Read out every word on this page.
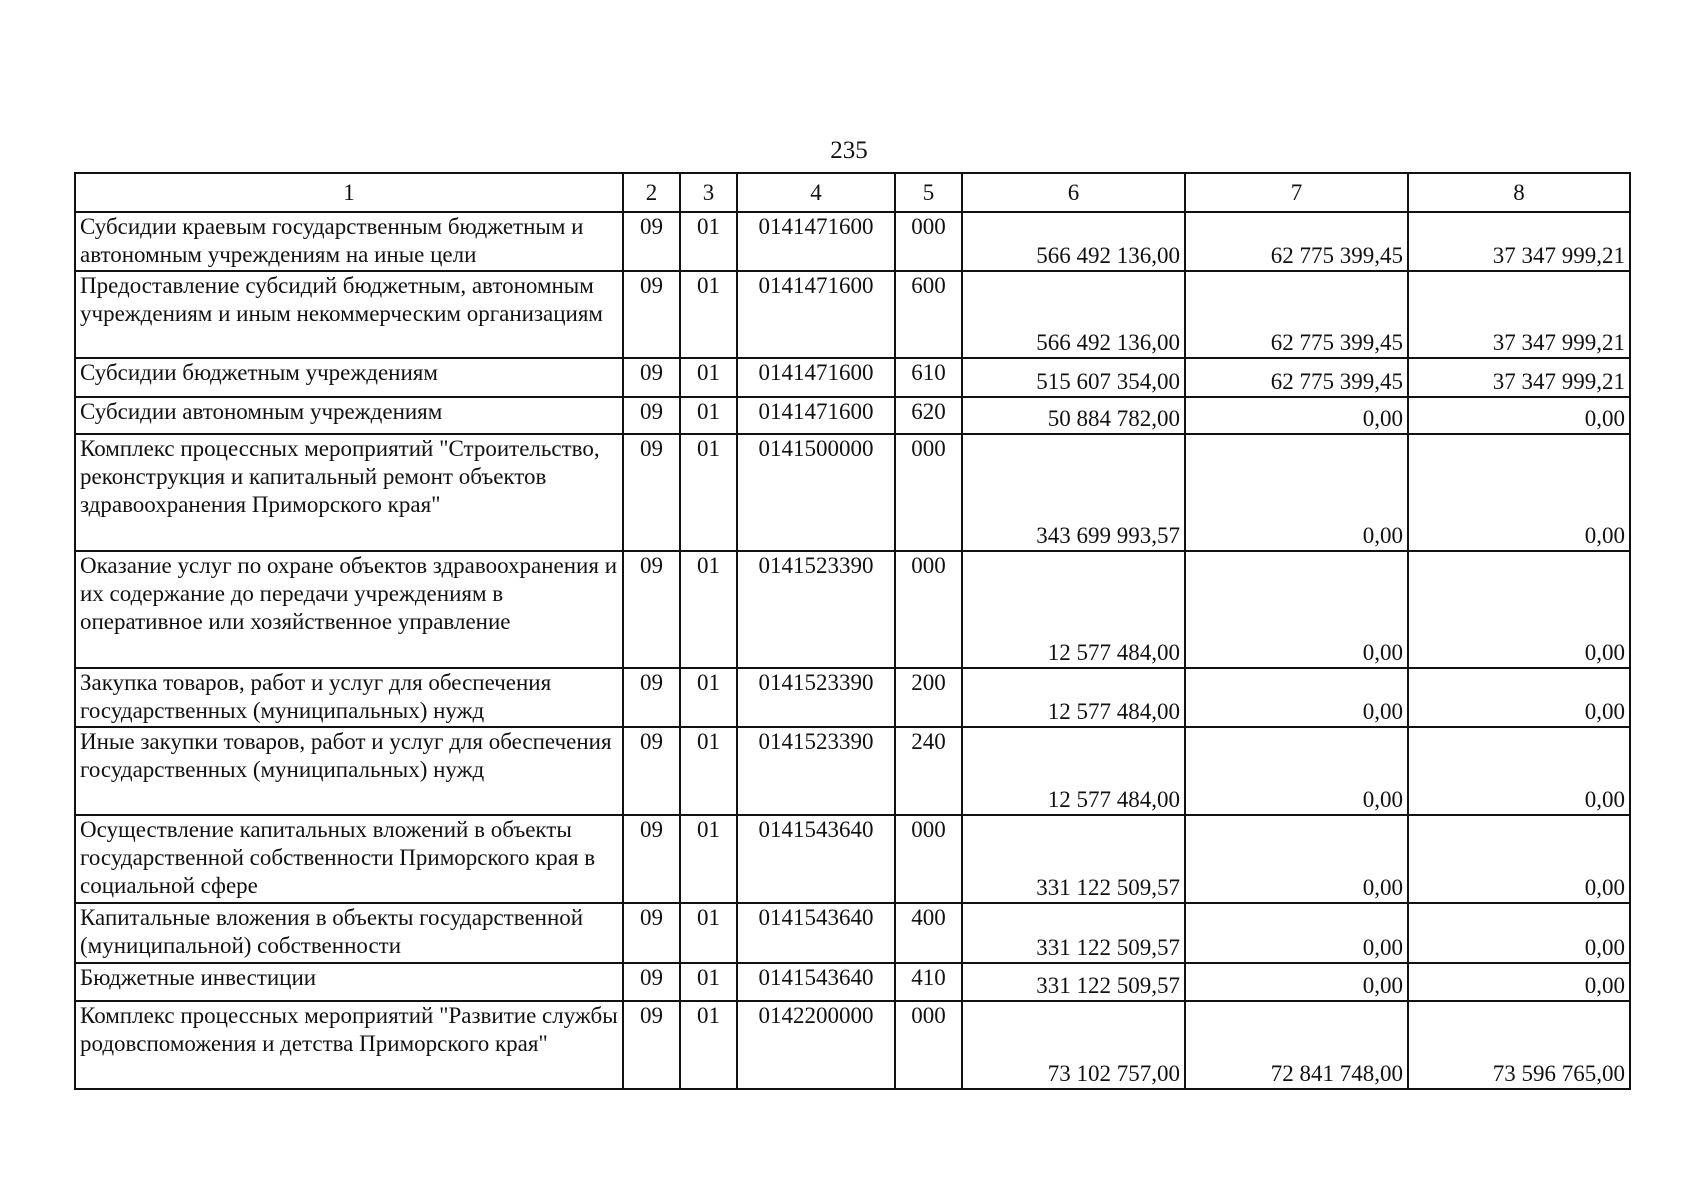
235
1	2	3	4	5	6	7	8
Субсидии краевым государственным бюджетным и автономным учреждениям на иные цели	09	01	0141471600	000	566 492 136,00	62 775 399,45	37 347 999,21
Предоставление субсидий бюджетным, автономным учреждениям и иным некоммерческим организациям	09	01	0141471600	600	566 492 136,00	62 775 399,45	37 347 999,21
Субсидии бюджетным учреждениям	09	01	0141471600	610	515 607 354,00	62 775 399,45	37 347 999,21
Субсидии автономным учреждениям	09	01	0141471600	620	50 884 782,00	0,00	0,00
Комплекс процессных мероприятий "Строительство, реконструкция и капитальный ремонт объектов здравоохранения Приморского края"	09	01	0141500000	000	343 699 993,57	0,00	0,00
Оказание услуг по охране объектов здравоохранения и их содержание до передачи учреждениям в оперативное или хозяйственное управление	09	01	0141523390	000	12 577 484,00	0,00	0,00
Закупка товаров, работ и услуг для обеспечения государственных (муниципальных) нужд	09	01	0141523390	200	12 577 484,00	0,00	0,00
Иные закупки товаров, работ и услуг для обеспечения государственных (муниципальных) нужд	09	01	0141523390	240	12 577 484,00	0,00	0,00
Осуществление капитальных вложений в объекты государственной собственности Приморского края в социальной сфере	09	01	0141543640	000	331 122 509,57	0,00	0,00
Капитальные вложения в объекты государственной (муниципальной) собственности	09	01	0141543640	400	331 122 509,57	0,00	0,00
Бюджетные инвестиции	09	01	0141543640	410	331 122 509,57	0,00	0,00
Комплекс процессных мероприятий "Развитие службы родовспоможения и детства Приморского края"	09	01	0142200000	000	73 102 757,00	72 841 748,00	73 596 765,00
